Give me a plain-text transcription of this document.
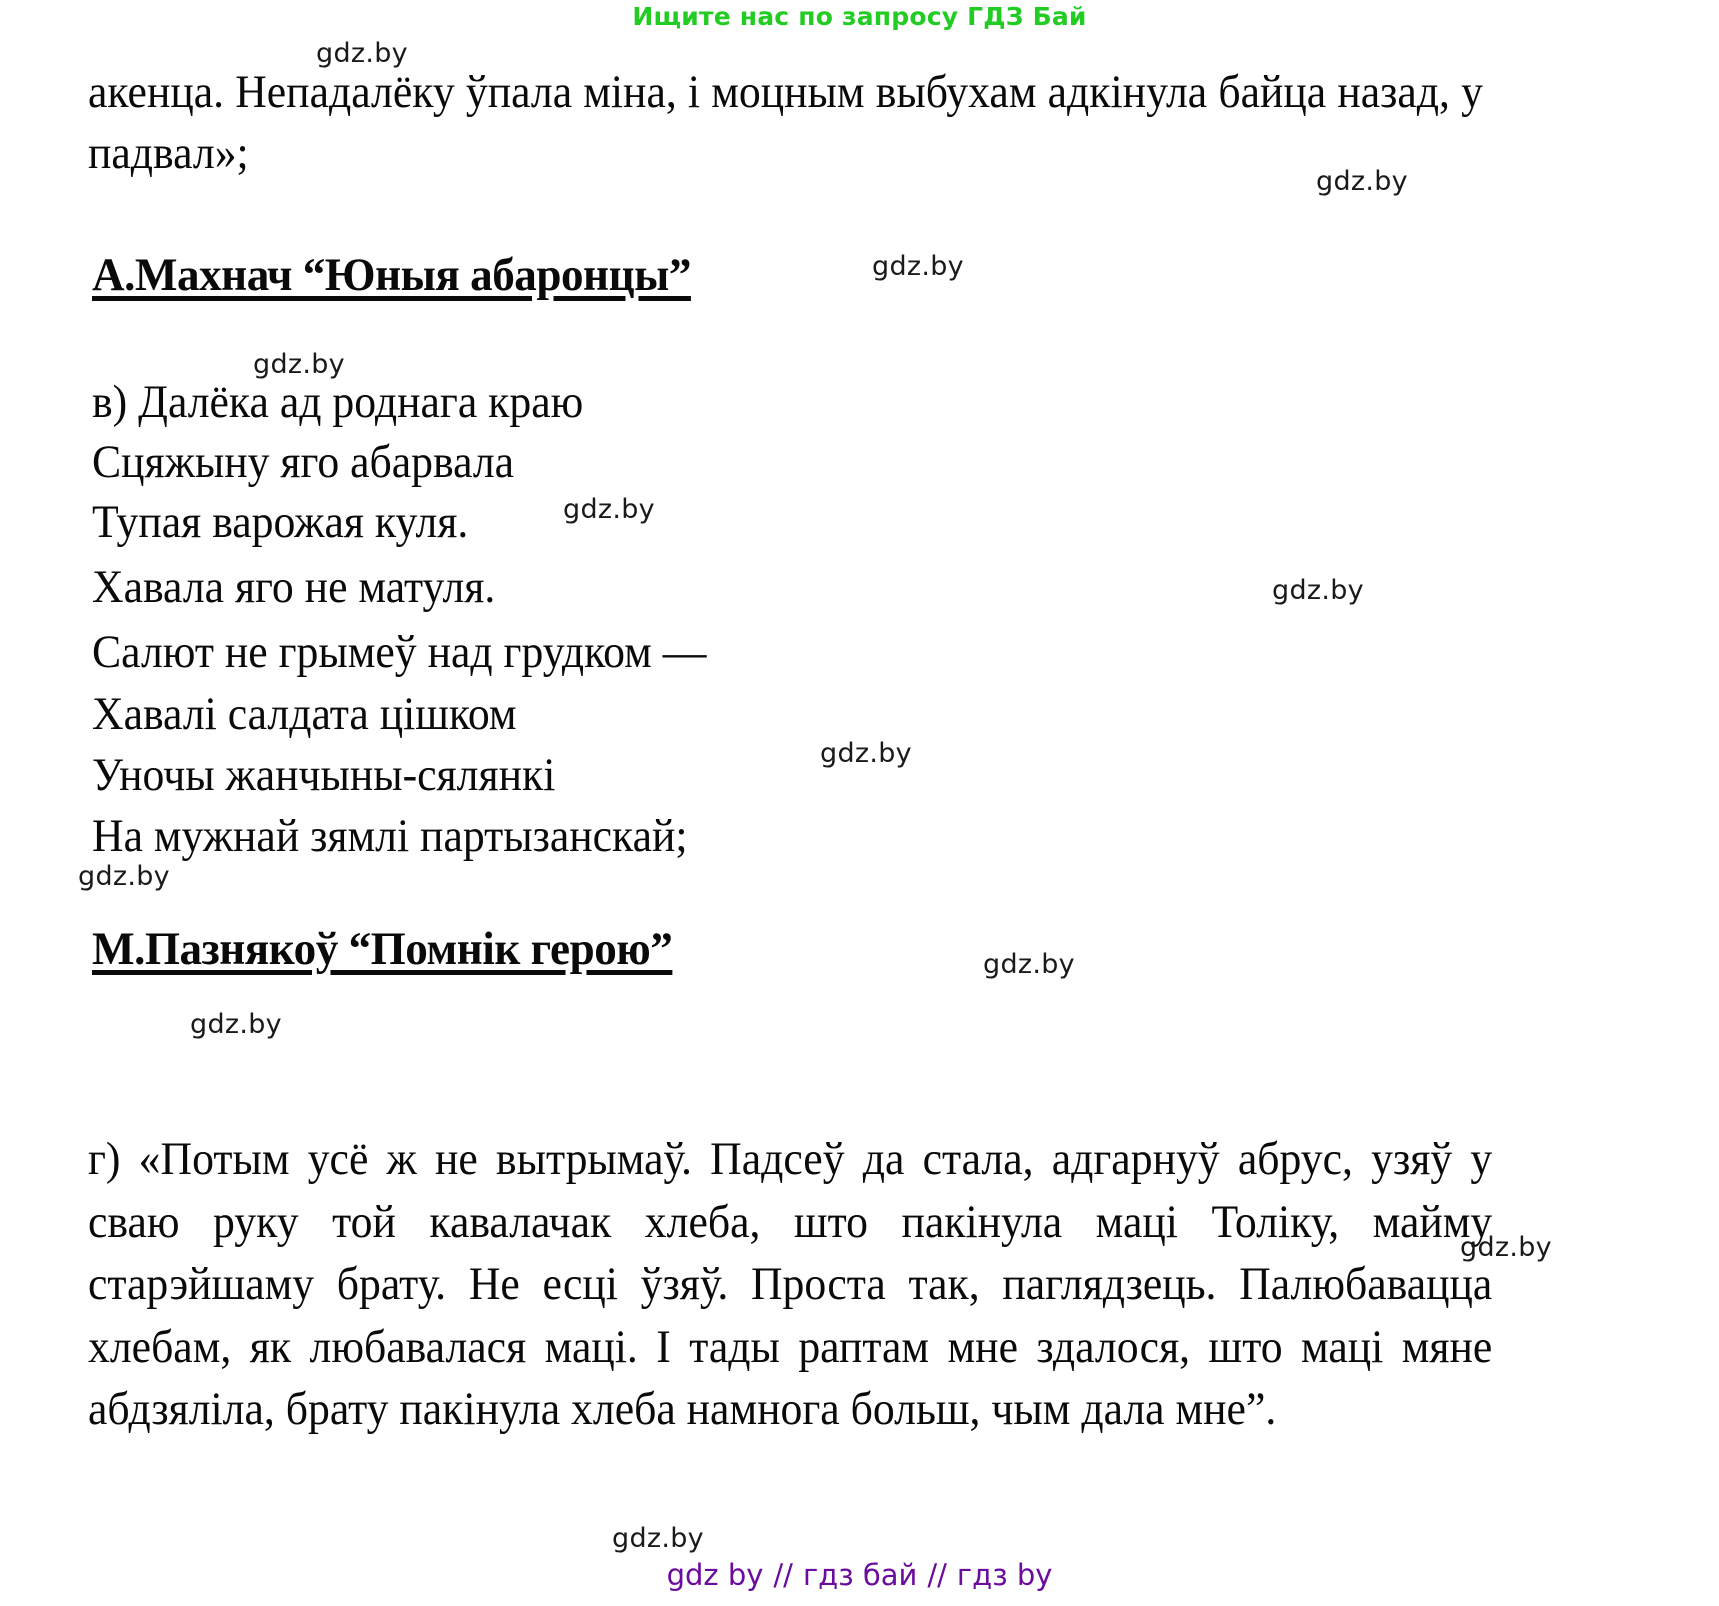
Ищите нас по запросу ГДЗ Бай
акенца. Непадалёку ўпала міна, і моцным выбухам адкінула байца назад, у падвал»;
А.Махнач “Юныя абаронцы”
в) Далёка ад роднага краю
Сцяжыну яго абарвала
Тупая варожая куля.
Хавала яго не матуля.
Салют не грымеў над грудком —
Хавалі салдата цішком
Уночы жанчыны-сялянкі
На мужнай зямлі партызанскай;
М.Пазнякоў “Помнік герою”
г) «Потым усё ж не вытрымаў. Падсеў да стала, адгарнуў абрус, узяў у сваю руку той кавалачак хлеба, што пакінула маці Толіку, майму старэйшаму брату. Не есці ўзяў. Проста так, паглядзець. Палюбавацца хлебам, як любавалася маці. І тады раптам мне здалося, што маці мяне абдзяліла, брату пакінула хлеба намнога больш, чым дала мне”.
gdz.by
gdz.by
gdz.by
gdz.by
gdz.by
gdz.by
gdz.by
gdz.by
gdz.by
gdz.by
gdz.by
gdz.by
gdz by // гдз бай // гдз by
